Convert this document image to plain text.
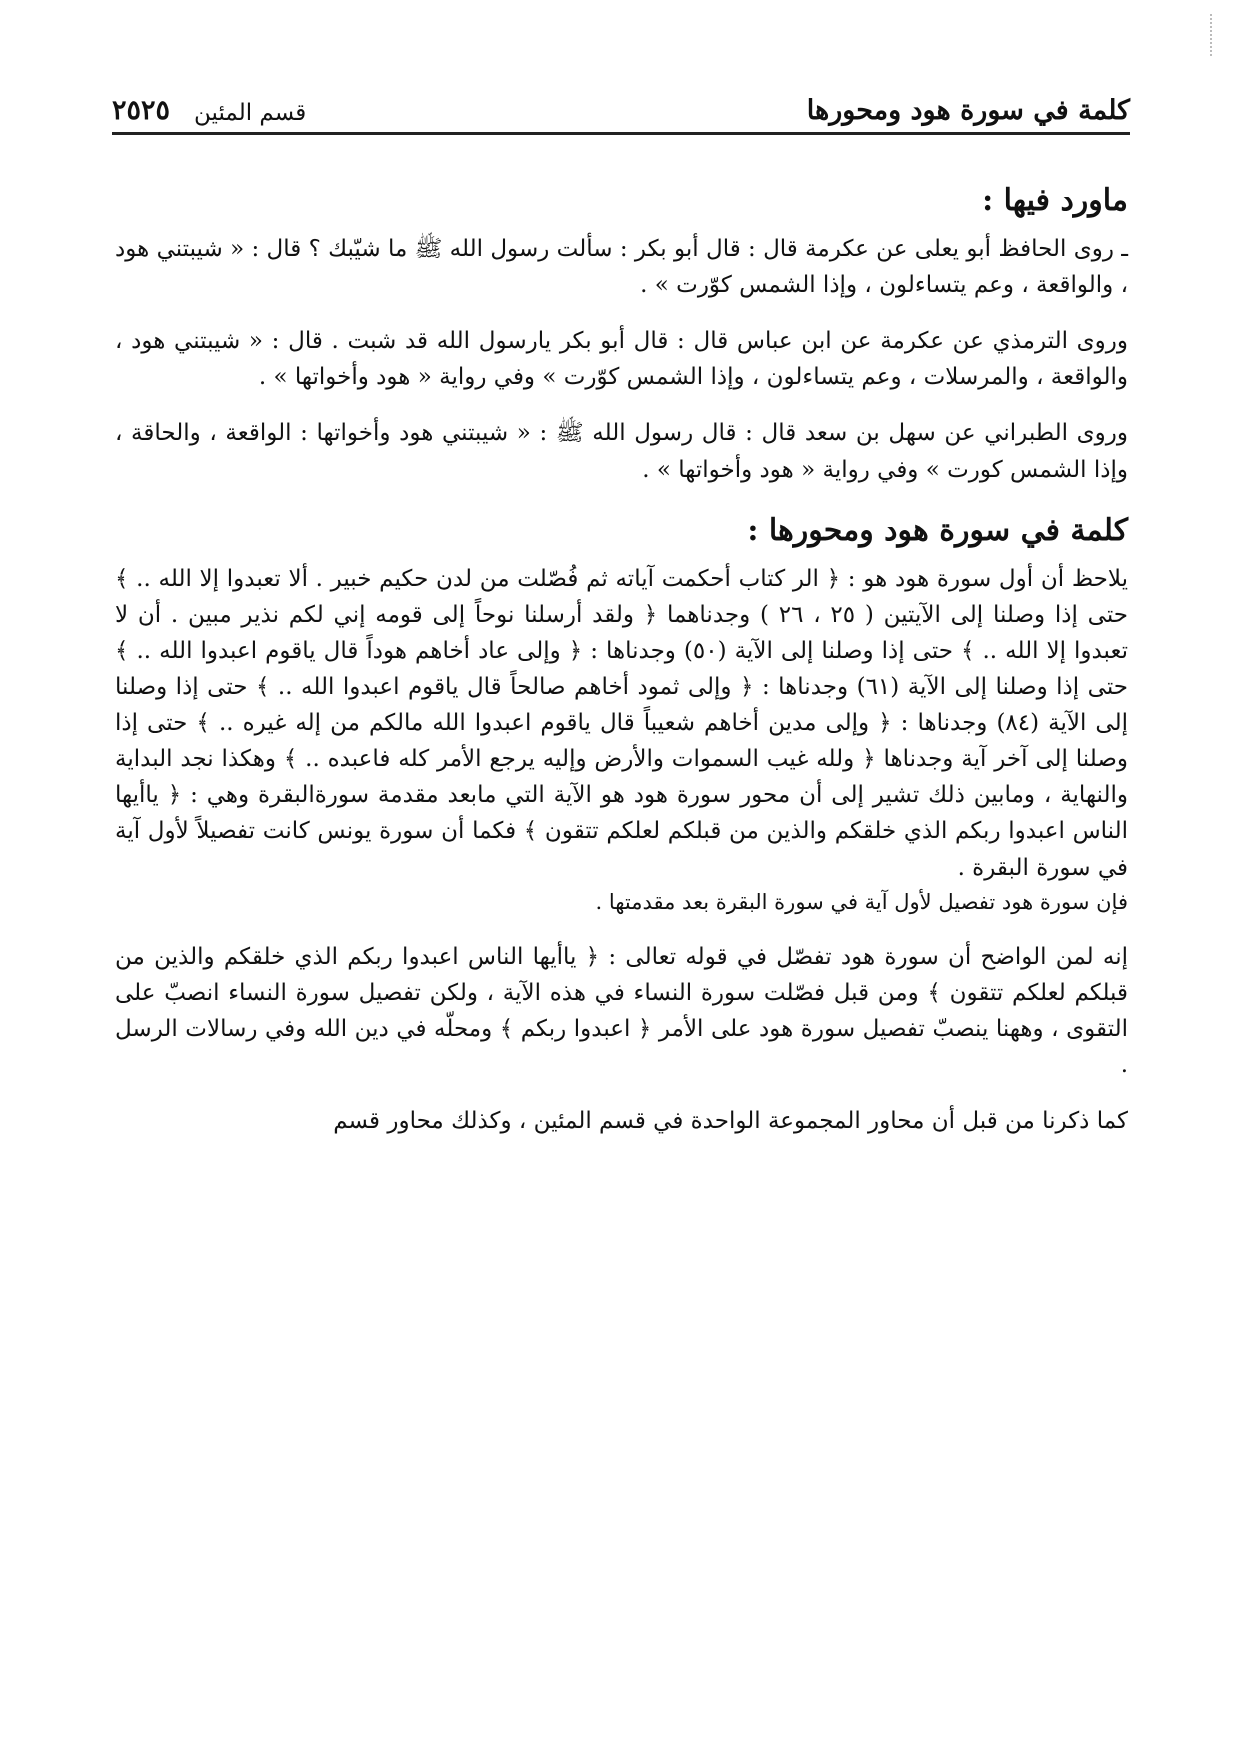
كلمة في سورة هود ومحورها
قسم المئين
٢٥٢٥
ماورد فيها :

ـ روى الحافظ أبو يعلى عن عكرمة قال : قال أبو بكر : سألت رسول الله ﷺ ما شيّبك ؟ قال : « شيبتني هود ، والواقعة ، وعم يتساءلون ، وإذا الشمس كوّرت » .

وروى الترمذي عن عكرمة عن ابن عباس قال : قال أبو بكر يارسول الله قد شبت . قال : « شيبتني هود ، والواقعة ، والمرسلات ، وعم يتساءلون ، وإذا الشمس كوّرت » وفي رواية « هود وأخواتها » .

وروى الطبراني عن سهل بن سعد قال : قال رسول الله ﷺ : « شيبتني هود وأخواتها : الواقعة ، والحاقة ، وإذا الشمس كورت » وفي رواية « هود وأخواتها » .

كلمة في سورة هود ومحورها :

يلاحظ أن أول سورة هود هو : ﴿ الر كتاب أحكمت آياته ثم فُصّلت من لدن حكيم خبير . ألا تعبدوا إلا الله .. ﴾ حتى إذا وصلنا إلى الآيتين ( ٢٥ ، ٢٦ ) وجدناهما ﴿ ولقد أرسلنا نوحاً إلى قومه إني لكم نذير مبين . أن لا تعبدوا إلا الله .. ﴾ حتى إذا وصلنا إلى الآية (٥٠) وجدناها : ﴿ وإلى عاد أخاهم هوداً قال ياقوم اعبدوا الله .. ﴾ حتى إذا وصلنا إلى الآية (٦١) وجدناها : ﴿ وإلى ثمود أخاهم صالحاً قال ياقوم اعبدوا الله .. ﴾ حتى إذا وصلنا إلى الآية (٨٤) وجدناها : ﴿ وإلى مدين أخاهم شعيباً قال ياقوم اعبدوا الله مالكم من إله غيره .. ﴾ حتى إذا وصلنا إلى آخر آية وجدناها ﴿ ولله غيب السموات والأرض وإليه يرجع الأمر كله فاعبده .. ﴾ وهكذا نجد البداية والنهاية ، ومابين ذلك تشير إلى أن محور سورة هود هو الآية التي مابعد مقدمة سورةالبقرة وهي : ﴿ ياأيها الناس اعبدوا ربكم الذي خلقكم والذين من قبلكم لعلكم تتقون ﴾ فكما أن سورة يونس كانت تفصيلاً لأول آية في سورة البقرة .

فإن سورة هود تفصيل لأول آية في سورة البقرة بعد مقدمتها .

إنه لمن الواضح أن سورة هود تفصّل في قوله تعالى : ﴿ ياأيها الناس اعبدوا ربكم الذي خلقكم والذين من قبلكم لعلكم تتقون ﴾ ومن قبل فصّلت سورة النساء في هذه الآية ، ولكن تفصيل سورة النساء انصبّ على التقوى ، وههنا ينصبّ تفصيل سورة هود على الأمر ﴿ اعبدوا ربكم ﴾ ومحلّه في دين الله وفي رسالات الرسل .

كما ذكرنا من قبل أن محاور المجموعة الواحدة في قسم المئين ، وكذلك محاور قسم
